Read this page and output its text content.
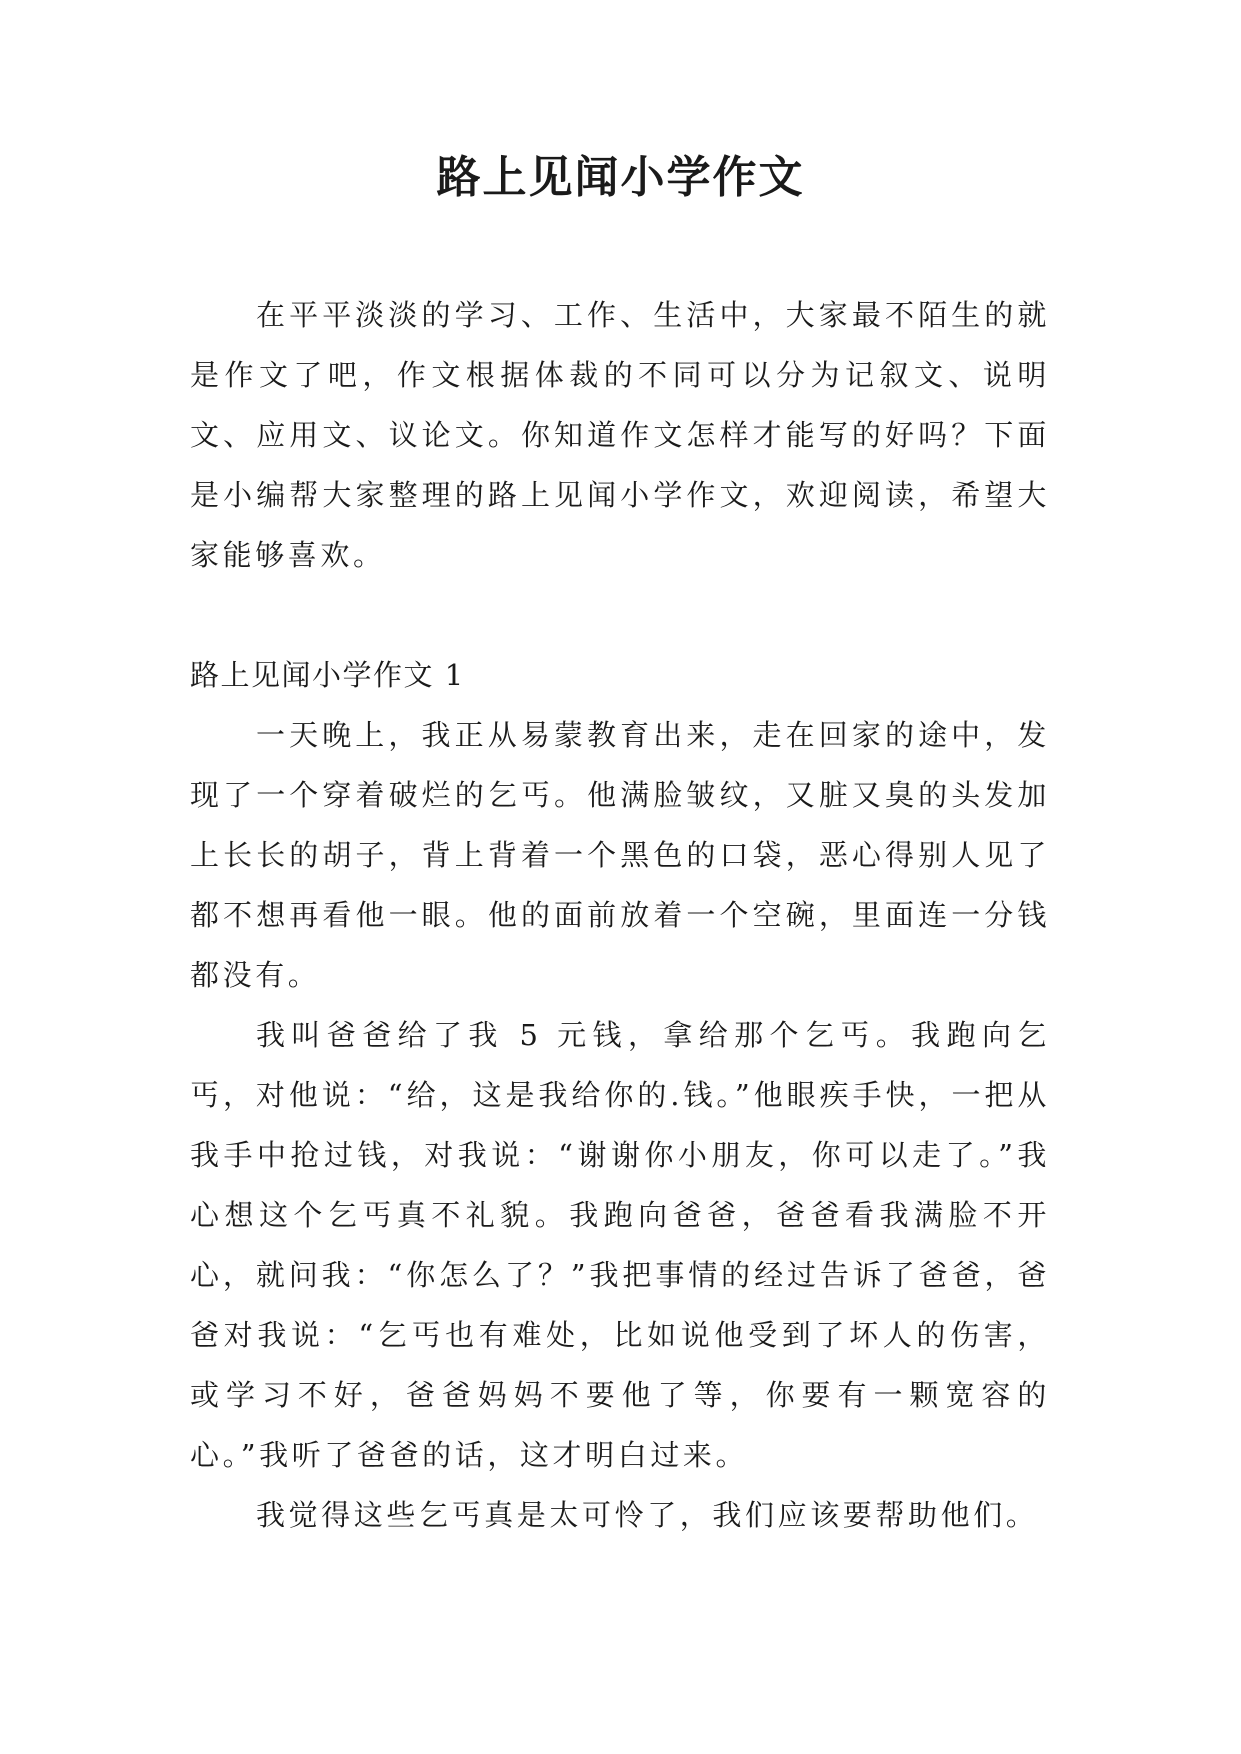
路上见闻小学作文

在平平淡淡的学习、工作、生活中，大家最不陌生的就是作文了吧，作文根据体裁的不同可以分为记叙文、说明文、应用文、议论文。你知道作文怎样才能写的好吗？下面是小编帮大家整理的路上见闻小学作文，欢迎阅读，希望大家能够喜欢。

路上见闻小学作文 1

一天晚上，我正从易蒙教育出来，走在回家的途中，发现了一个穿着破烂的乞丐。他满脸皱纹，又脏又臭的头发加上长长的胡子，背上背着一个黑色的口袋，恶心得别人见了都不想再看他一眼。他的面前放着一个空碗，里面连一分钱都没有。

我叫爸爸给了我 5 元钱，拿给那个乞丐。我跑向乞丐，对他说：“给，这是我给你的.钱。”他眼疾手快，一把从我手中抢过钱，对我说：“谢谢你小朋友，你可以走了。”我心想这个乞丐真不礼貌。我跑向爸爸，爸爸看我满脸不开心，就问我：“你怎么了？”我把事情的经过告诉了爸爸，爸爸对我说：“乞丐也有难处，比如说他受到了坏人的伤害，或学习不好，爸爸妈妈不要他了等，你要有一颗宽容的心。”我听了爸爸的话，这才明白过来。

我觉得这些乞丐真是太可怜了，我们应该要帮助他们。
